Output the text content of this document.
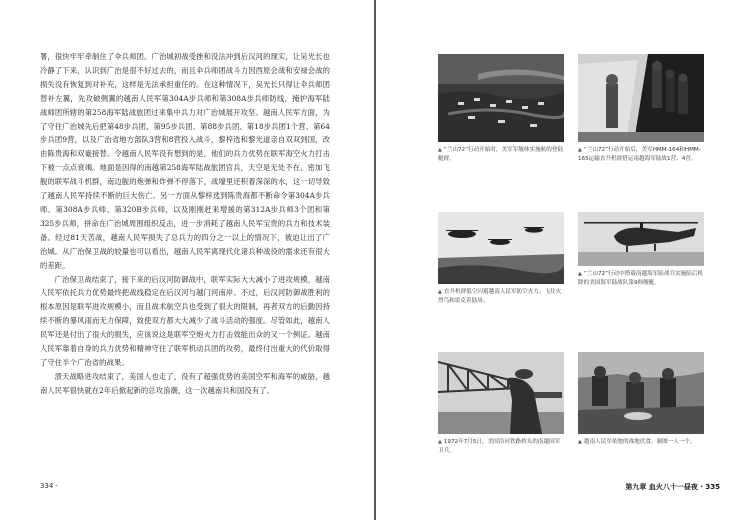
署，很快牢牢牵制住了伞兵师团。广治城初战受挫和没法冲到后汉河的现实，让吴光长也冷静了下来，认识到广治是很不好过去的，而且伞兵师团战斗力因西原会战和安禄会战的损失没有恢复到对补充，这样是无法承担重任的。在这种情况下，吴光长只得让伞兵师团替补左翼，先攻破侧翼的越南人民军第304A步兵师和第308A步兵师防线，掩护海军陆战师团所辖的第258海军陆战旅团过来集中兵力对广治城展开攻坚。越南人民军方面，为了守住广治城先后把第48步兵团、第95步兵团、第88步兵团、第18步兵团1个营、第64步兵团9营，以及广治省地方部队3营和8营投入战斗，黎梓选和黎光道亲自双双到国，改由陈贵海和双豪接替。令越南人民军没有想到的是，他们的兵力优势在联军海空火力打击下被一点点衰竭。地面是因得的南越第258海军陆战旅团官兵，天空是无处不在、密加飞舰的联军战斗机群，南边舰的炮弹和炸弹不停落下，战壕里还积着深深的水，这一切导致了越南人民军持续不断的巨大伤亡。另一方面从黎梓选到陈贵海都不断命令第304A步兵师、第308A步兵师、第320B步兵师，以及刚刚赶来增援的第312A步兵师3个团和第325步兵师，拼命在广治城周围组织反击，进一步消耗了越南人民军宝贵的兵力和技术装备。经过81天苦战，越南人民军损失了总兵力的四分之一以上的情况下，被迫让出了广治城。从广治保卫战的较量也可以看出，越南人民军离现代化诸兵种战役的需求还有很大的差距。

广治保卫战结束了，接下来的后汉河防御战中，联军实际大大减小了进攻规模，越南人民军依托兵力优势最终把战线稳定在后汉河与越门河南岸。不过，后汉河防御战胜利的根本原因是联军进攻规模小，而且战术航空兵也受到了很大的限制，再者双方的后勤因持续不断的暴风雨而无力保障，致使双方都大大减少了战斗活动的强度。尽管如此，越南人民军还是付出了很大的损失，应该说这是联军空炮火力打击效能出众的又一个例证。越南人民军靠着自身的兵力优势和精神守住了联军机动兵团的攻势，最终付出重大的代价取得了守住半个广治省的战果。

溃天战略进攻结束了，美国人也走了，没有了超强优势的美国空军和海军的威胁，越南人民军很快就在2年后掀起新的总攻浪潮，这一次越南共和国没有了。

334 ·
▲ “兰山72”行动开始时，美军军舰体实施航的登陆艇群。
▲ “兰山72”行动开始后，美军HMM-164和HMM-165运输直升机群搭运南越海军陆战1营、4营。
▲ 直升机群低空闪避越南人民军防空火力，飞往火烈鸟和雷克着陆场。
▲ “兰山72”行动中搭载南越海军陆战兵实施陆后机降的美国海军陆战队第9师舰艇。
▲ 1972年7月5日，美国沿河铁路桥头的南越国军卫兵。
▲ 越南人民军依地的战地伏食，制图一人一个。
第九章 血火八十一昼夜 · 335
